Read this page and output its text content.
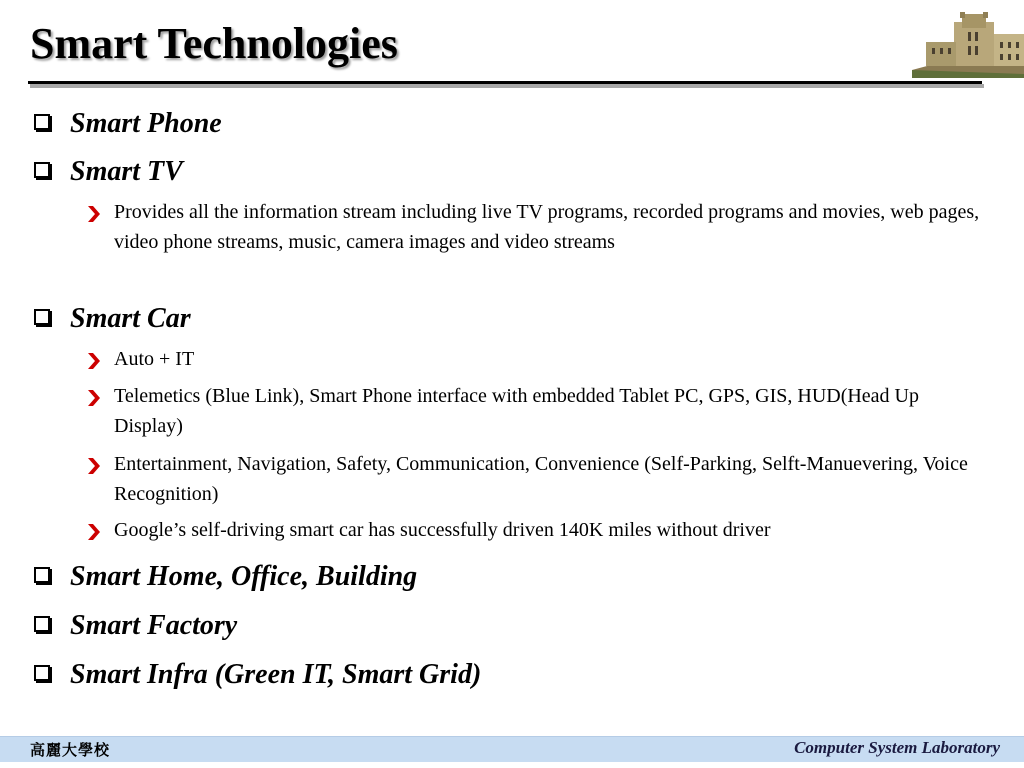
Smart Technologies
Smart Phone
Smart TV
Provides all the information stream including live TV programs, recorded programs and movies, web pages, video phone streams, music, camera images and video streams
Smart Car
Auto + IT
Telemetics (Blue Link), Smart Phone interface with embedded Tablet PC, GPS, GIS, HUD(Head Up Display)
Entertainment, Navigation, Safety, Communication, Convenience (Self-Parking, Selft-Manuevering, Voice Recognition)
Google’s self-driving smart car has successfully driven 140K miles without driver
Smart Home, Office, Building
Smart Factory
Smart Infra (Green IT, Smart Grid)
高麗大學校	Computer System Laboratory
